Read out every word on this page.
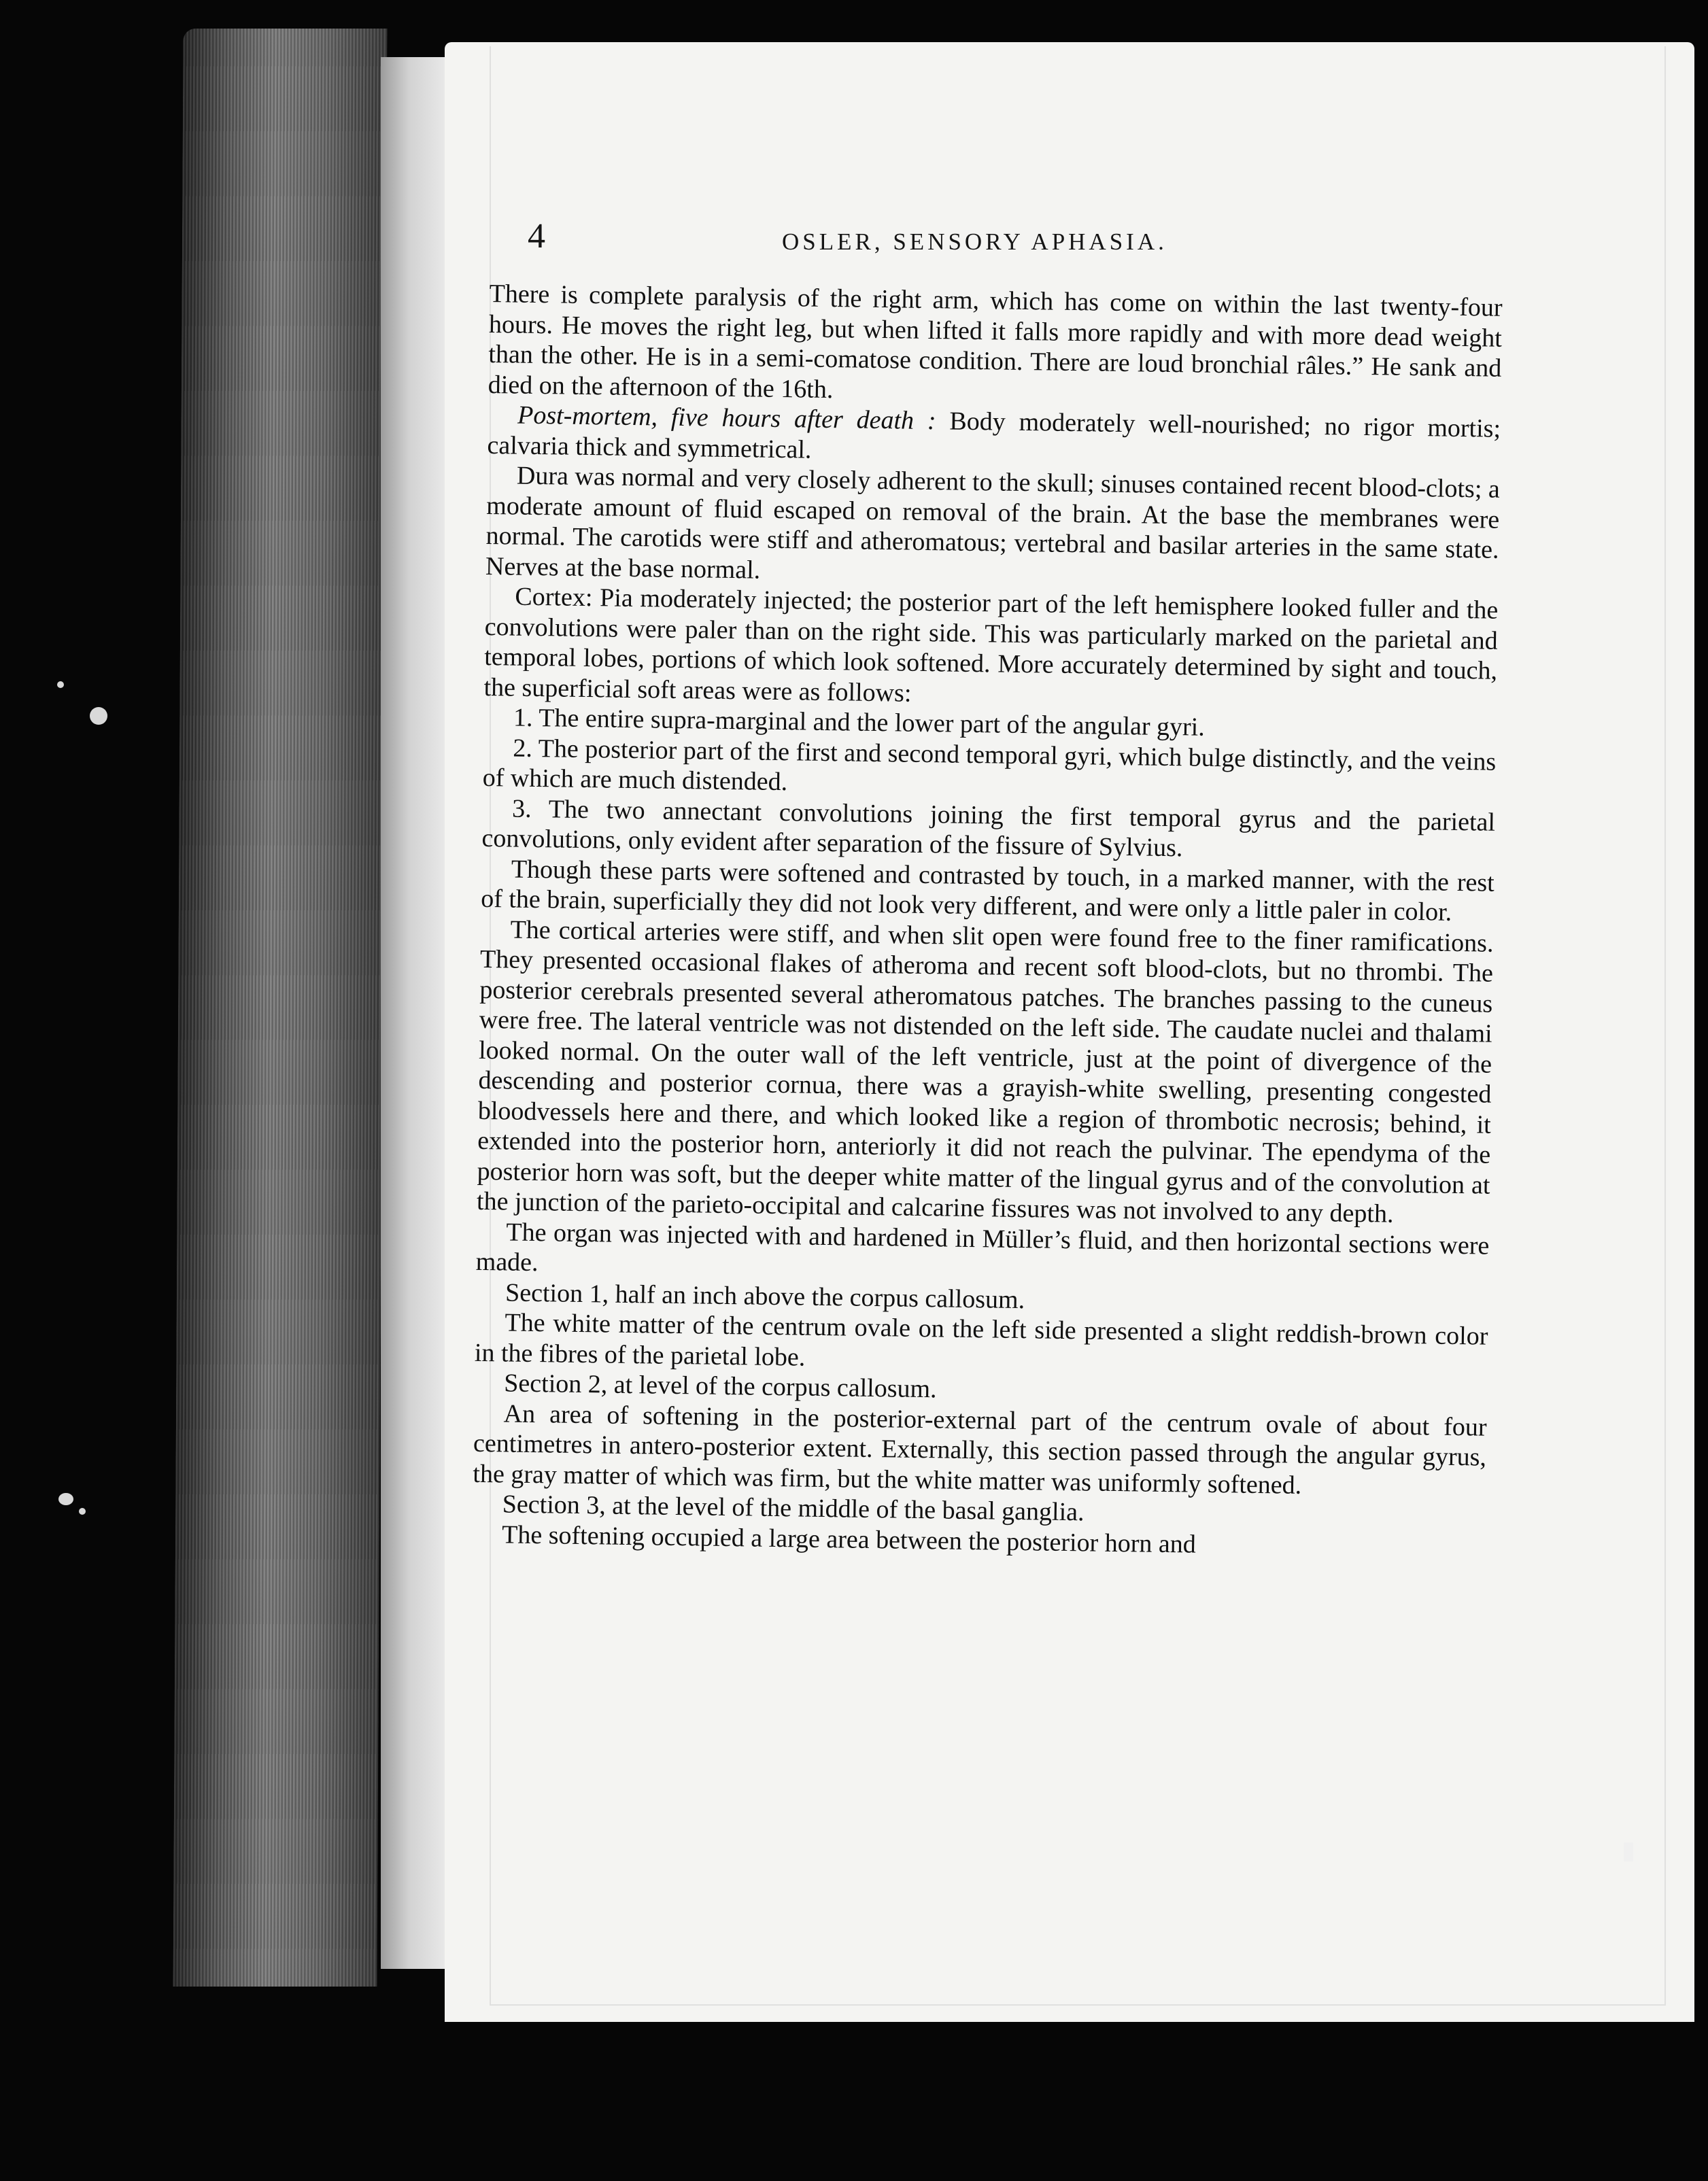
4	OSLER, SENSORY APHASIA.

There is complete paralysis of the right arm, which has come on within the last twenty-four hours. He moves the right leg, but when lifted it falls more rapidly and with more dead weight than the other. He is in a semi-comatose condition. There are loud bronchial râles.” He sank and died on the afternoon of the 16th.

Post-mortem, five hours after death : Body moderately well-nourished; no rigor mortis; calvaria thick and symmetrical.

Dura was normal and very closely adherent to the skull; sinuses contained recent blood-clots; a moderate amount of fluid escaped on removal of the brain. At the base the membranes were normal. The carotids were stiff and atheromatous; vertebral and basilar arteries in the same state. Nerves at the base normal.

Cortex: Pia moderately injected; the posterior part of the left hemisphere looked fuller and the convolutions were paler than on the right side. This was particularly marked on the parietal and temporal lobes, portions of which look softened. More accurately determined by sight and touch, the superficial soft areas were as follows:

1. The entire supra-marginal and the lower part of the angular gyri.

2. The posterior part of the first and second temporal gyri, which bulge distinctly, and the veins of which are much distended.

3. The two annectant convolutions joining the first temporal gyrus and the parietal convolutions, only evident after separation of the fissure of Sylvius.

Though these parts were softened and contrasted by touch, in a marked manner, with the rest of the brain, superficially they did not look very different, and were only a little paler in color.

The cortical arteries were stiff, and when slit open were found free to the finer ramifications. They presented occasional flakes of atheroma and recent soft blood-clots, but no thrombi. The posterior cerebrals presented several atheromatous patches. The branches passing to the cuneus were free. The lateral ventricle was not distended on the left side. The caudate nuclei and thalami looked normal. On the outer wall of the left ventricle, just at the point of divergence of the descending and posterior cornua, there was a grayish-white swelling, presenting congested bloodvessels here and there, and which looked like a region of thrombotic necrosis; behind, it extended into the posterior horn, anteriorly it did not reach the pulvinar. The ependyma of the posterior horn was soft, but the deeper white matter of the lingual gyrus and of the convolution at the junction of the parieto-occipital and calcarine fissures was not involved to any depth.

The organ was injected with and hardened in Müller’s fluid, and then horizontal sections were made.

Section 1, half an inch above the corpus callosum.

The white matter of the centrum ovale on the left side presented a slight reddish-brown color in the fibres of the parietal lobe.

Section 2, at level of the corpus callosum.

An area of softening in the posterior-external part of the centrum ovale of about four centimetres in antero-posterior extent. Externally, this section passed through the angular gyrus, the gray matter of which was firm, but the white matter was uniformly softened.

Section 3, at the level of the middle of the basal ganglia.

The softening occupied a large area between the posterior horn and
